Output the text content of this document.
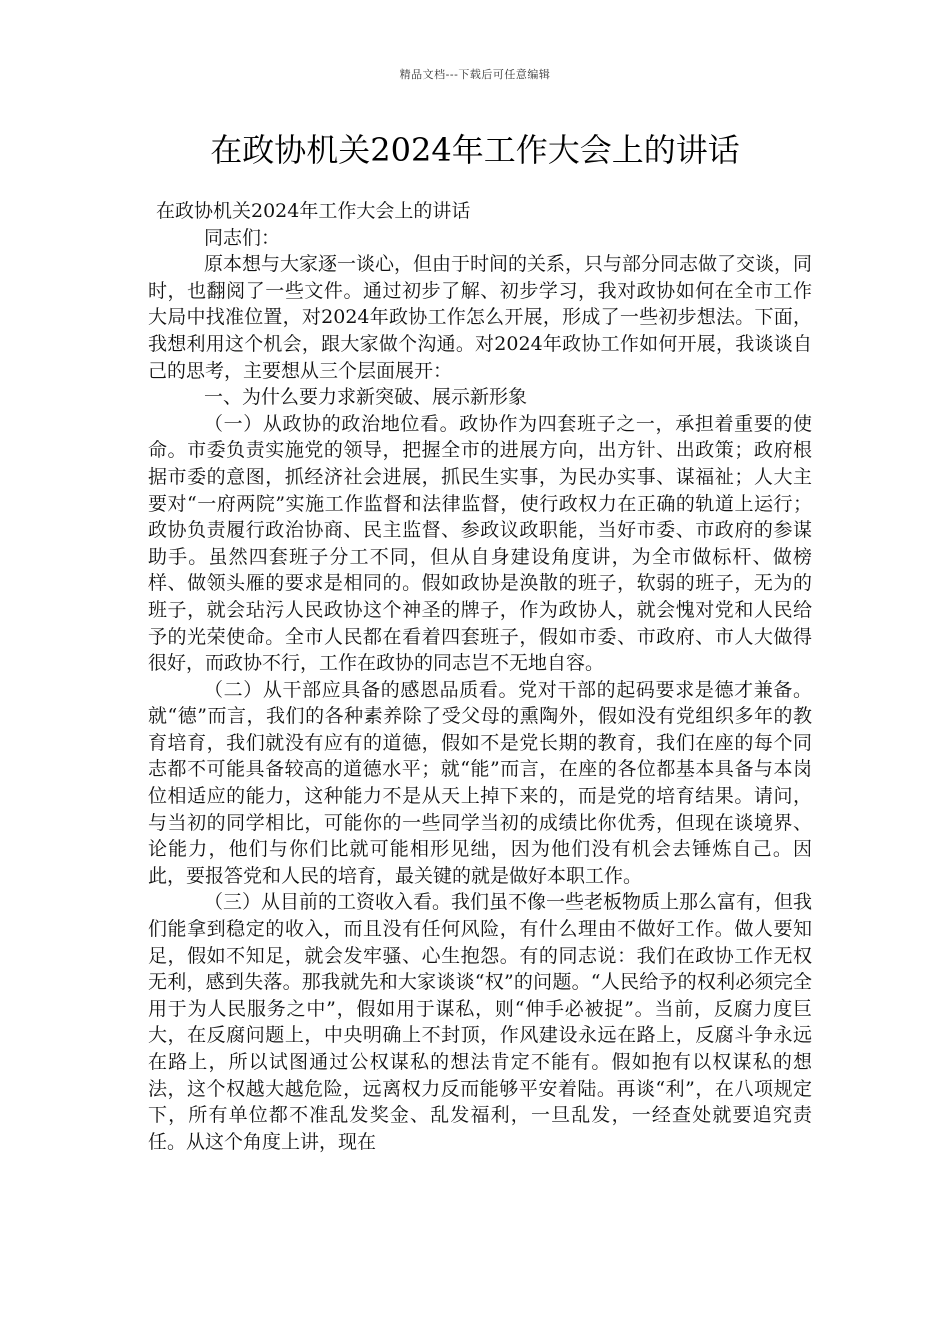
精品文档---下载后可任意编辑
在政协机关2024年工作大会上的讲话

在政协机关2024年工作大会上的讲话

同志们：

原本想与大家逐一谈心，但由于时间的关系，只与部分同志做了交谈，同时，也翻阅了一些文件。通过初步了解、初步学习，我对政协如何在全市工作大局中找准位置，对2024年政协工作怎么开展，形成了一些初步想法。下面，我想利用这个机会，跟大家做个沟通。对2024年政协工作如何开展，我谈谈自己的思考，主要想从三个层面展开：

一、为什么要力求新突破、展示新形象

（一）从政协的政治地位看。政协作为四套班子之一，承担着重要的使命。市委负责实施党的领导，把握全市的进展方向，出方针、出政策；政府根据市委的意图，抓经济社会进展，抓民生实事，为民办实事、谋福祉；人大主要对“一府两院”实施工作监督和法律监督，使行政权力在正确的轨道上运行；政协负责履行政治协商、民主监督、参政议政职能，当好市委、市政府的参谋助手。虽然四套班子分工不同，但从自身建设角度讲，为全市做标杆、做榜样、做领头雁的要求是相同的。假如政协是涣散的班子，软弱的班子，无为的班子，就会玷污人民政协这个神圣的牌子，作为政协人，就会愧对党和人民给予的光荣使命。全市人民都在看着四套班子，假如市委、市政府、市人大做得很好，而政协不行，工作在政协的同志岂不无地自容。

（二）从干部应具备的感恩品质看。党对干部的起码要求是德才兼备。就“德”而言，我们的各种素养除了受父母的熏陶外，假如没有党组织多年的教育培育，我们就没有应有的道德，假如不是党长期的教育，我们在座的每个同志都不可能具备较高的道德水平；就“能”而言，在座的各位都基本具备与本岗位相适应的能力，这种能力不是从天上掉下来的，而是党的培育结果。请问，与当初的同学相比，可能你的一些同学当初的成绩比你优秀，但现在谈境界、论能力，他们与你们比就可能相形见绌，因为他们没有机会去锤炼自己。因此，要报答党和人民的培育，最关键的就是做好本职工作。

（三）从目前的工资收入看。我们虽不像一些老板物质上那么富有，但我们能拿到稳定的收入，而且没有任何风险，有什么理由不做好工作。做人要知足，假如不知足，就会发牢骚、心生抱怨。有的同志说：我们在政协工作无权无利，感到失落。那我就先和大家谈谈“权”的问题。“人民给予的权利必须完全用于为人民服务之中”，假如用于谋私，则“伸手必被捉”。当前，反腐力度巨大，在反腐问题上，中央明确上不封顶，作风建设永远在路上，反腐斗争永远在路上，所以试图通过公权谋私的想法肯定不能有。假如抱有以权谋私的想法，这个权越大越危险，远离权力反而能够平安着陆。再谈“利”，在八项规定下，所有单位都不准乱发奖金、乱发福利，一旦乱发，一经查处就要追究责任。从这个角度上讲，现在
